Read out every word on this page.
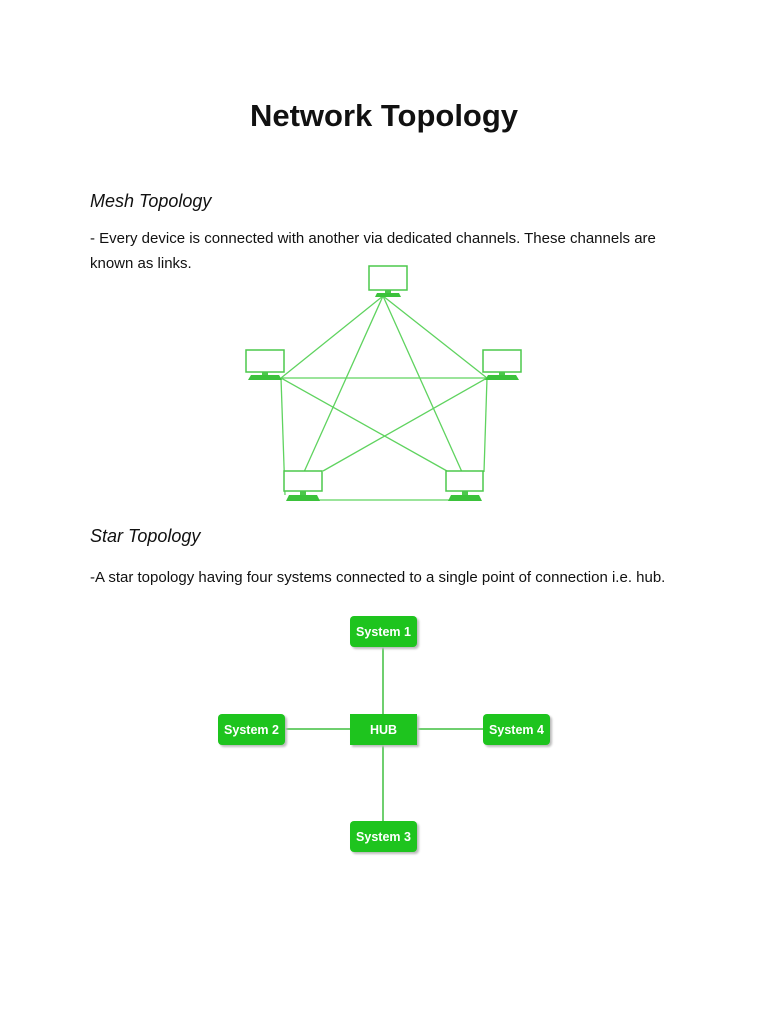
Network Topology
Mesh Topology
- Every device is connected with another via dedicated channels. These channels are known as links.
Star Topology
-A star topology having four systems connected to a single point of connection i.e. hub.
System 1
System 2	HUB	System 4
System 3
